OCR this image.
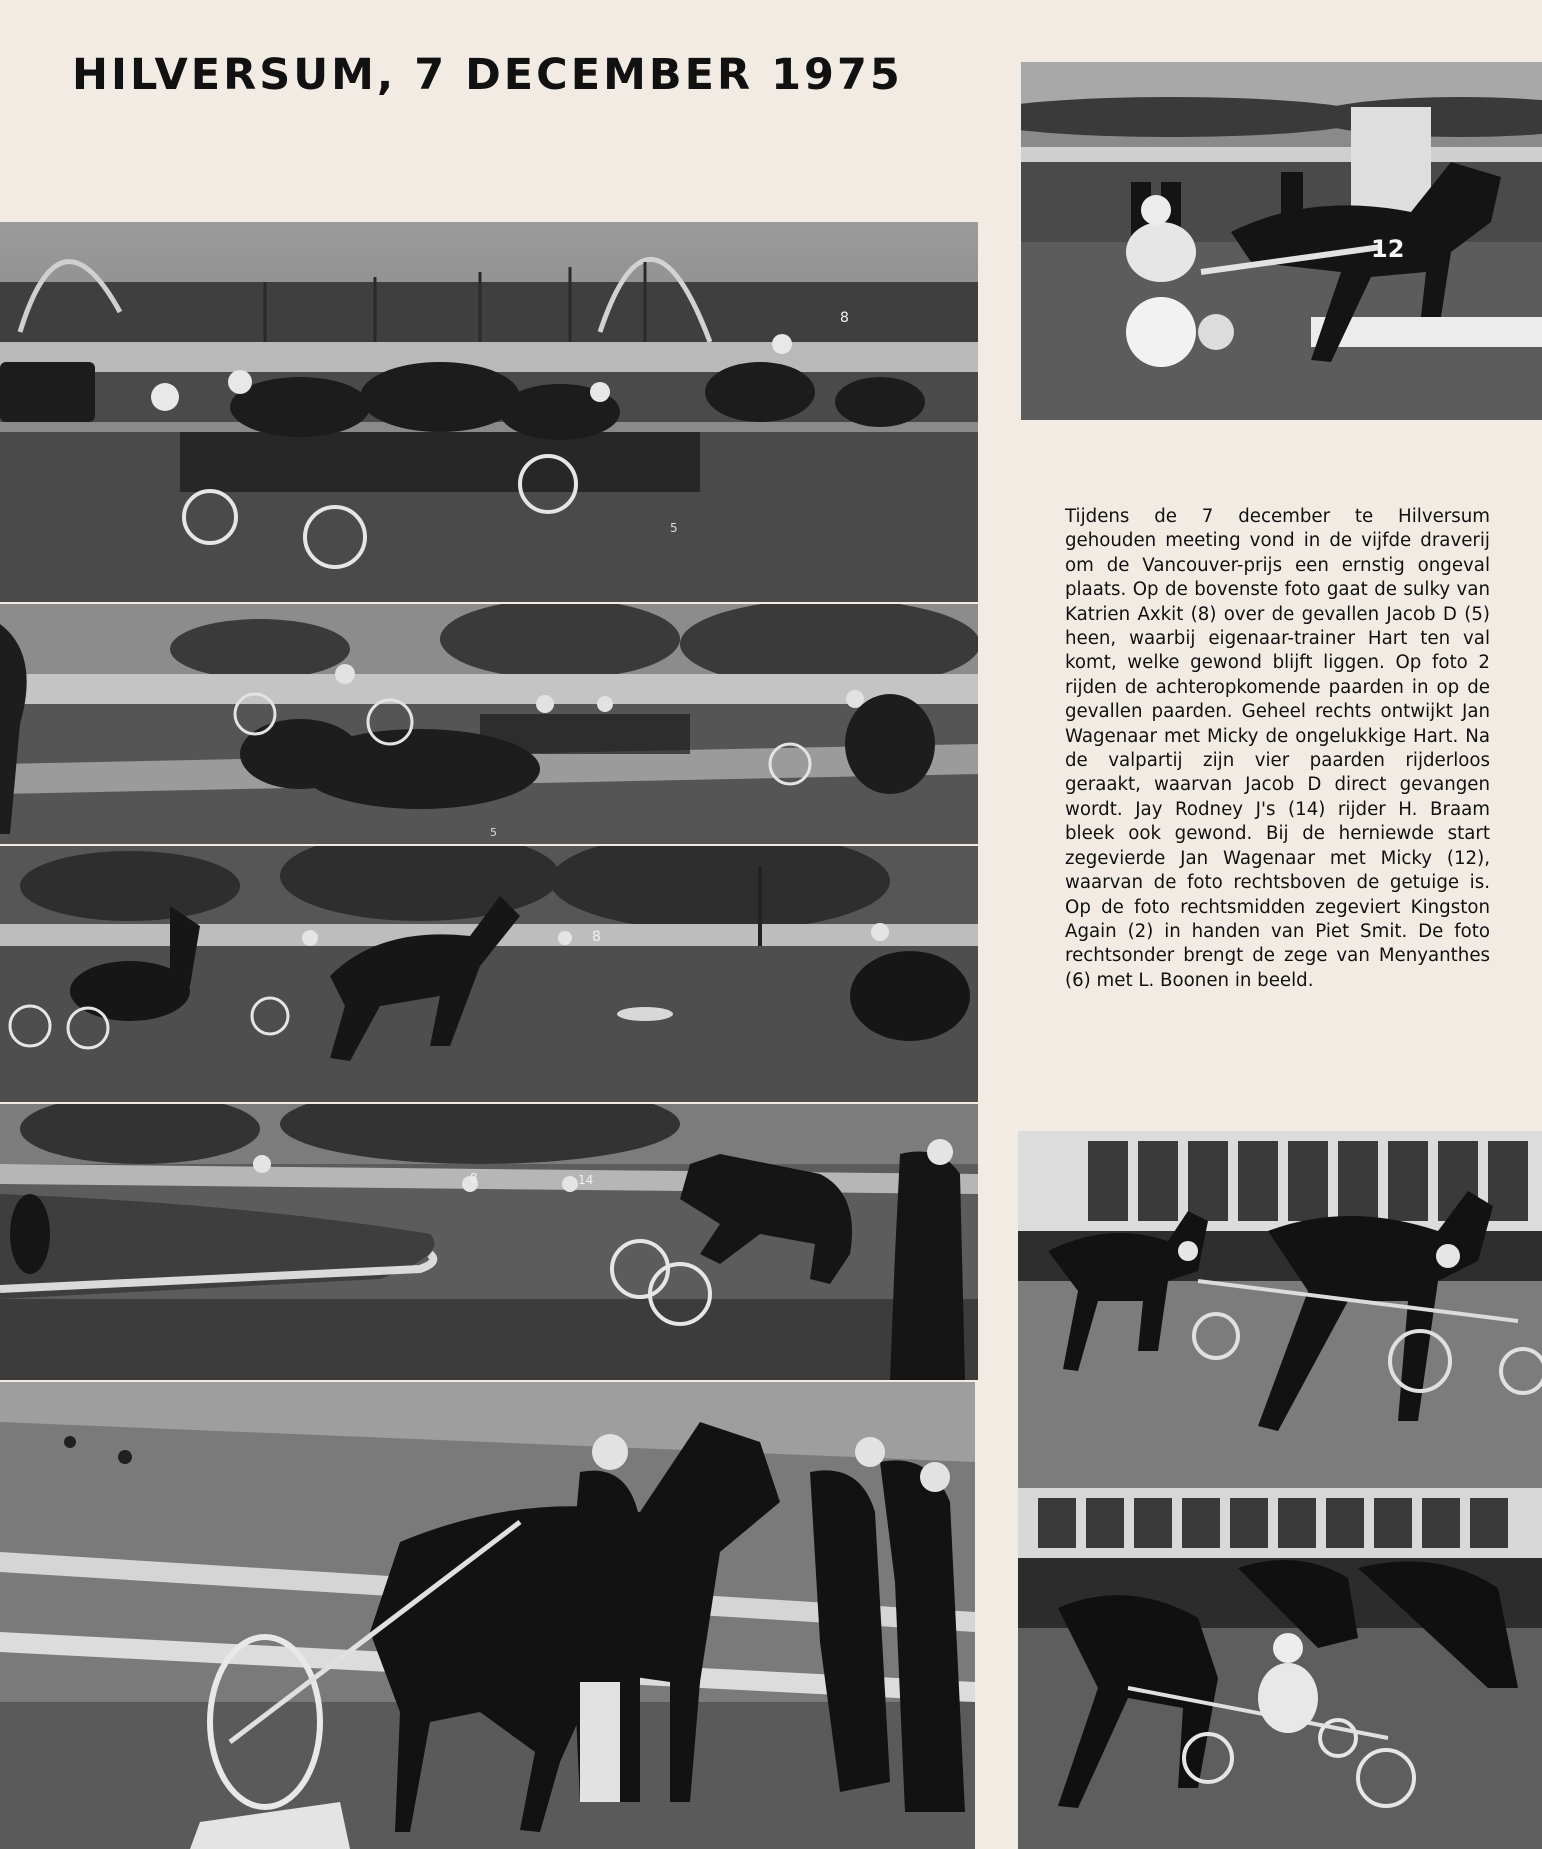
HILVERSUM, 7 DECEMBER 1975
8
5
5
8
8	14
12

Tijdens de 7 december te Hilversum gehouden meeting vond in de vijfde draverij om de Vancouver-prijs een ernstig ongeval plaats. Op de bovenste foto gaat de sulky van Katrien Axkit (8) over de gevallen Jacob D (5) heen, waarbij eigenaar-trainer Hart ten val komt, welke gewond blijft liggen. Op foto 2 rijden de achteropkomende paarden in op de gevallen paarden. Geheel rechts ontwijkt Jan Wagenaar met Micky de ongelukkige Hart. Na de valpartij zijn vier paarden rijderloos geraakt, waarvan Jacob D direct gevangen wordt. Jay Rodney J's (14) rijder H. Braam bleek ook gewond. Bij de herniewde start zegevierde Jan Wagenaar met Micky (12), waarvan de foto rechtsboven de getuige is. Op de foto rechtsmidden zegeviert Kingston Again (2) in handen van Piet Smit. De foto rechtsonder brengt de zege van Menyanthes (6) met L. Boonen in beeld.
